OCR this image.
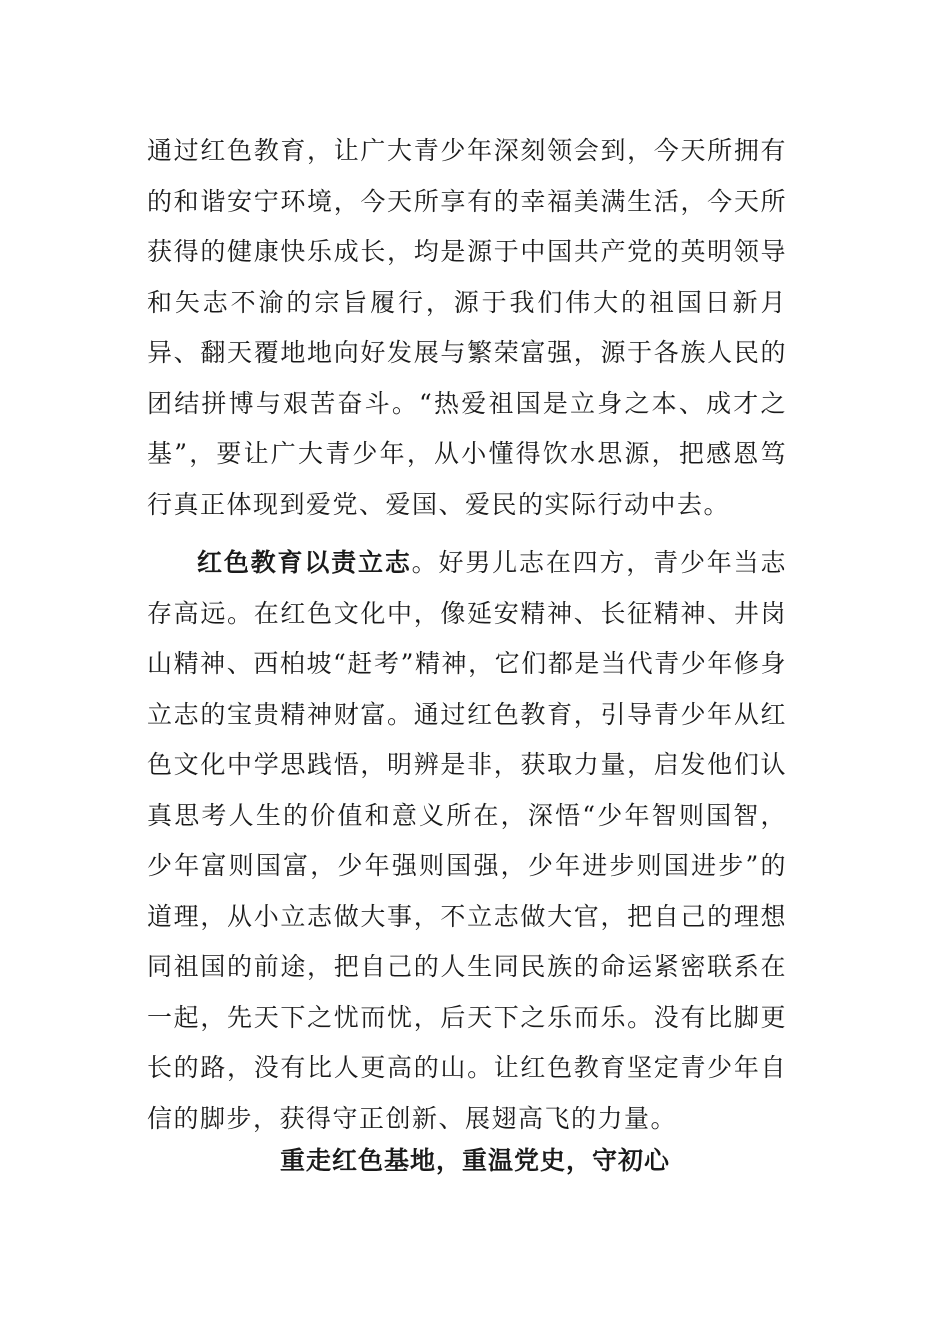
通过红色教育，让广大青少年深刻领会到，今天所拥有的和谐安宁环境，今天所享有的幸福美满生活，今天所获得的健康快乐成长，均是源于中国共产党的英明领导和矢志不渝的宗旨履行，源于我们伟大的祖国日新月异、翻天覆地地向好发展与繁荣富强，源于各族人民的团结拼博与艰苦奋斗。“热爱祖国是立身之本、成才之基”，要让广大青少年，从小懂得饮水思源，把感恩笃行真正体现到爱党、爱国、爱民的实际行动中去。

红色教育以责立志。好男儿志在四方，青少年当志存高远。在红色文化中，像延安精神、长征精神、井岗山精神、西柏坡“赶考”精神，它们都是当代青少年修身立志的宝贵精神财富。通过红色教育，引导青少年从红色文化中学思践悟，明辨是非，获取力量，启发他们认真思考人生的价值和意义所在，深悟“少年智则国智，少年富则国富，少年强则国强，少年进步则国进步”的道理，从小立志做大事，不立志做大官，把自己的理想同祖国的前途，把自己的人生同民族的命运紧密联系在一起，先天下之忧而忧，后天下之乐而乐。没有比脚更长的路，没有比人更高的山。让红色教育坚定青少年自信的脚步，获得守正创新、展翅高飞的力量。

重走红色基地，重温党史，守初心
